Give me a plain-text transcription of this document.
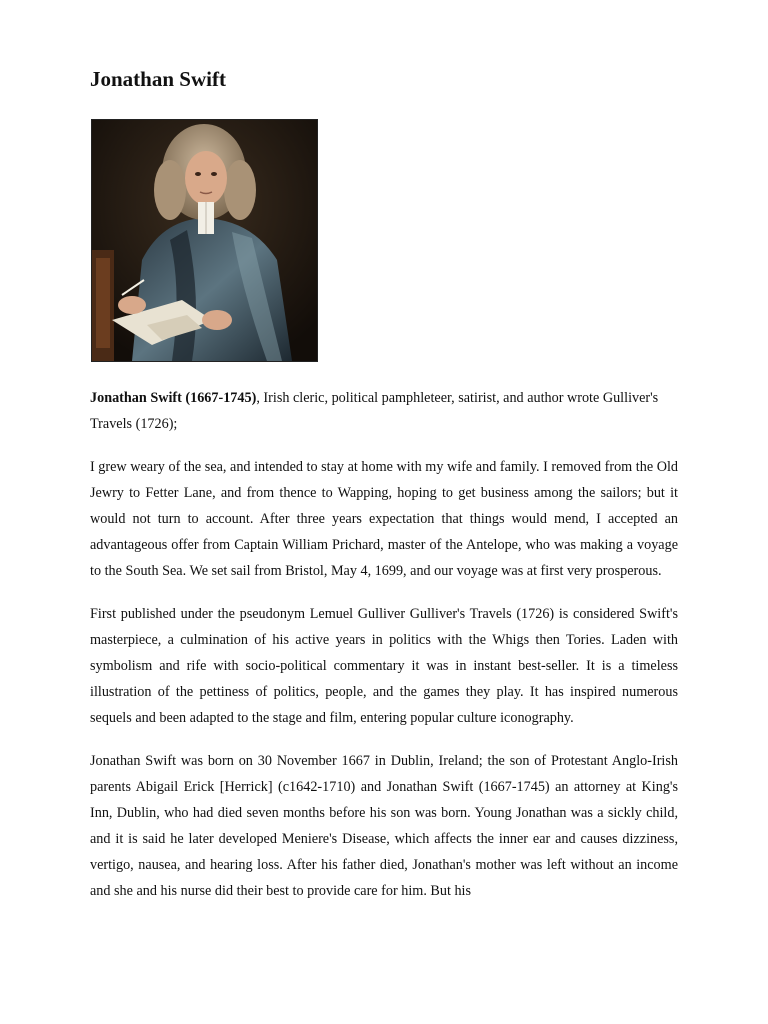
Jonathan Swift

Jonathan Swift (1667-1745), Irish cleric, political pamphleteer, satirist, and author wrote Gulliver's Travels (1726);

I grew weary of the sea, and intended to stay at home with my wife and family. I removed from the Old Jewry to Fetter Lane, and from thence to Wapping, hoping to get business among the sailors; but it would not turn to account. After three years expectation that things would mend, I accepted an advantageous offer from Captain William Prichard, master of the Antelope, who was making a voyage to the South Sea. We set sail from Bristol, May 4, 1699, and our voyage was at first very prosperous.

First published under the pseudonym Lemuel Gulliver Gulliver's Travels (1726) is considered Swift's masterpiece, a culmination of his active years in politics with the Whigs then Tories. Laden with symbolism and rife with socio-political commentary it was in instant best-seller. It is a timeless illustration of the pettiness of politics, people, and the games they play. It has inspired numerous sequels and been adapted to the stage and film, entering popular culture iconography.

Jonathan Swift was born on 30 November 1667 in Dublin, Ireland; the son of Protestant Anglo-Irish parents Abigail Erick [Herrick] (c1642-1710) and Jonathan Swift (1667-1745) an attorney at King's Inn, Dublin, who had died seven months before his son was born. Young Jonathan was a sickly child, and it is said he later developed Meniere's Disease, which affects the inner ear and causes dizziness, vertigo, nausea, and hearing loss. After his father died, Jonathan's mother was left without an income and she and his nurse did their best to provide care for him. But his
